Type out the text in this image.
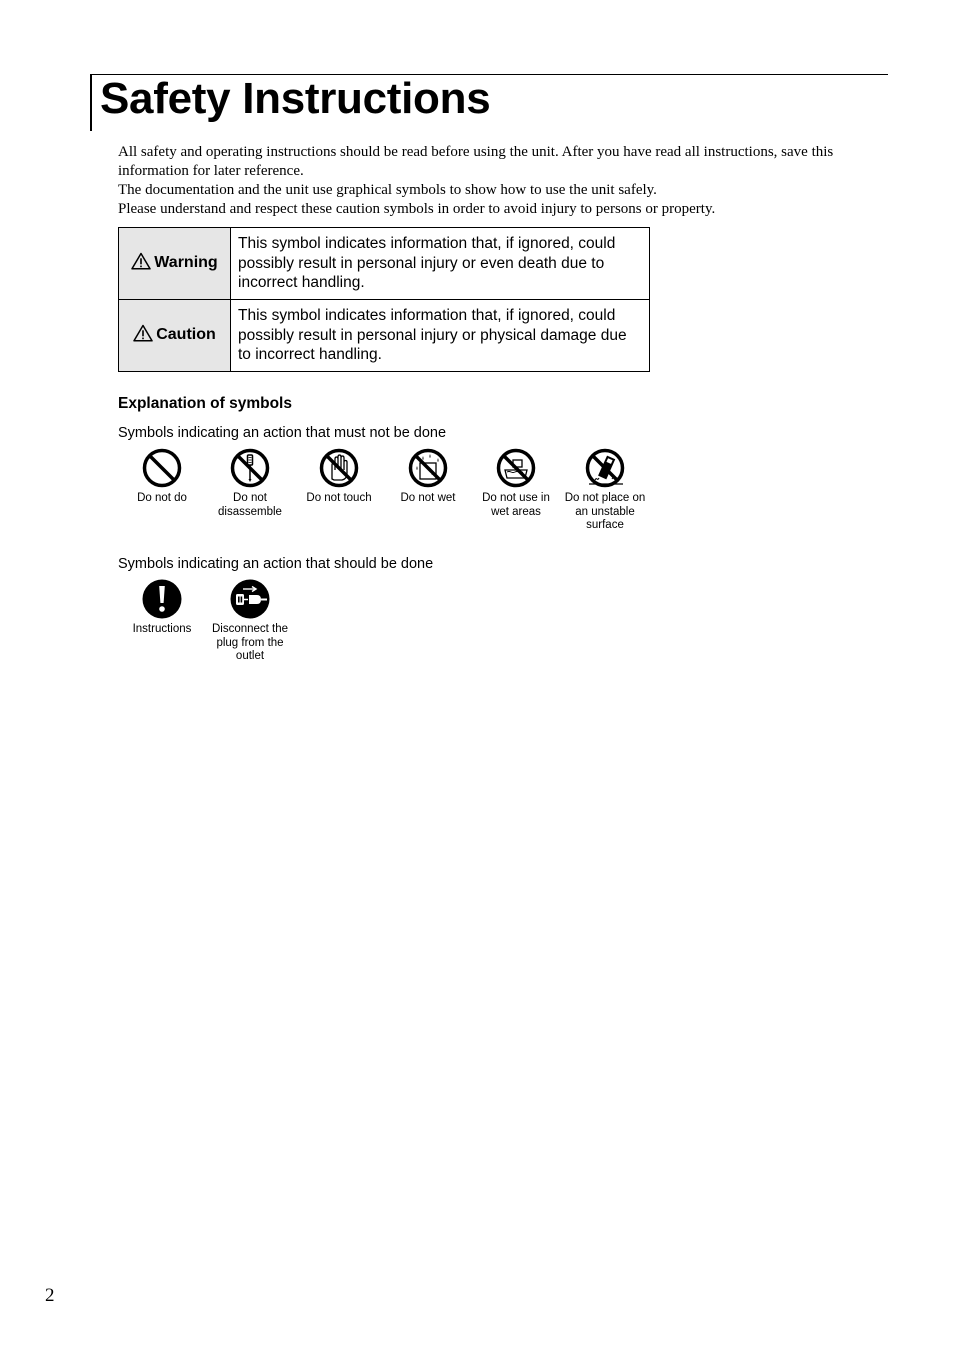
Safety Instructions

All safety and operating instructions should be read before using the unit. After you have read all instructions, save this information for later reference.

The documentation and the unit use graphical symbols to show how to use the unit safely.

Please understand and respect these caution symbols in order to avoid injury to persons or property.

Warning	This symbol indicates information that, if ignored, could possibly result in personal injury or even death due to incorrect handling.
Caution	This symbol indicates information that, if ignored, could possibly result in personal injury or physical damage due to incorrect handling.
Explanation of symbols

Symbols indicating an action that must not be done

Do not do	Do not disassemble
Do not touch	Do not wet	Do not use in wet areas
Do not place on an unstable surface

Symbols indicating an action that should be done

Instructions	Disconnect the plug from the outlet
2
